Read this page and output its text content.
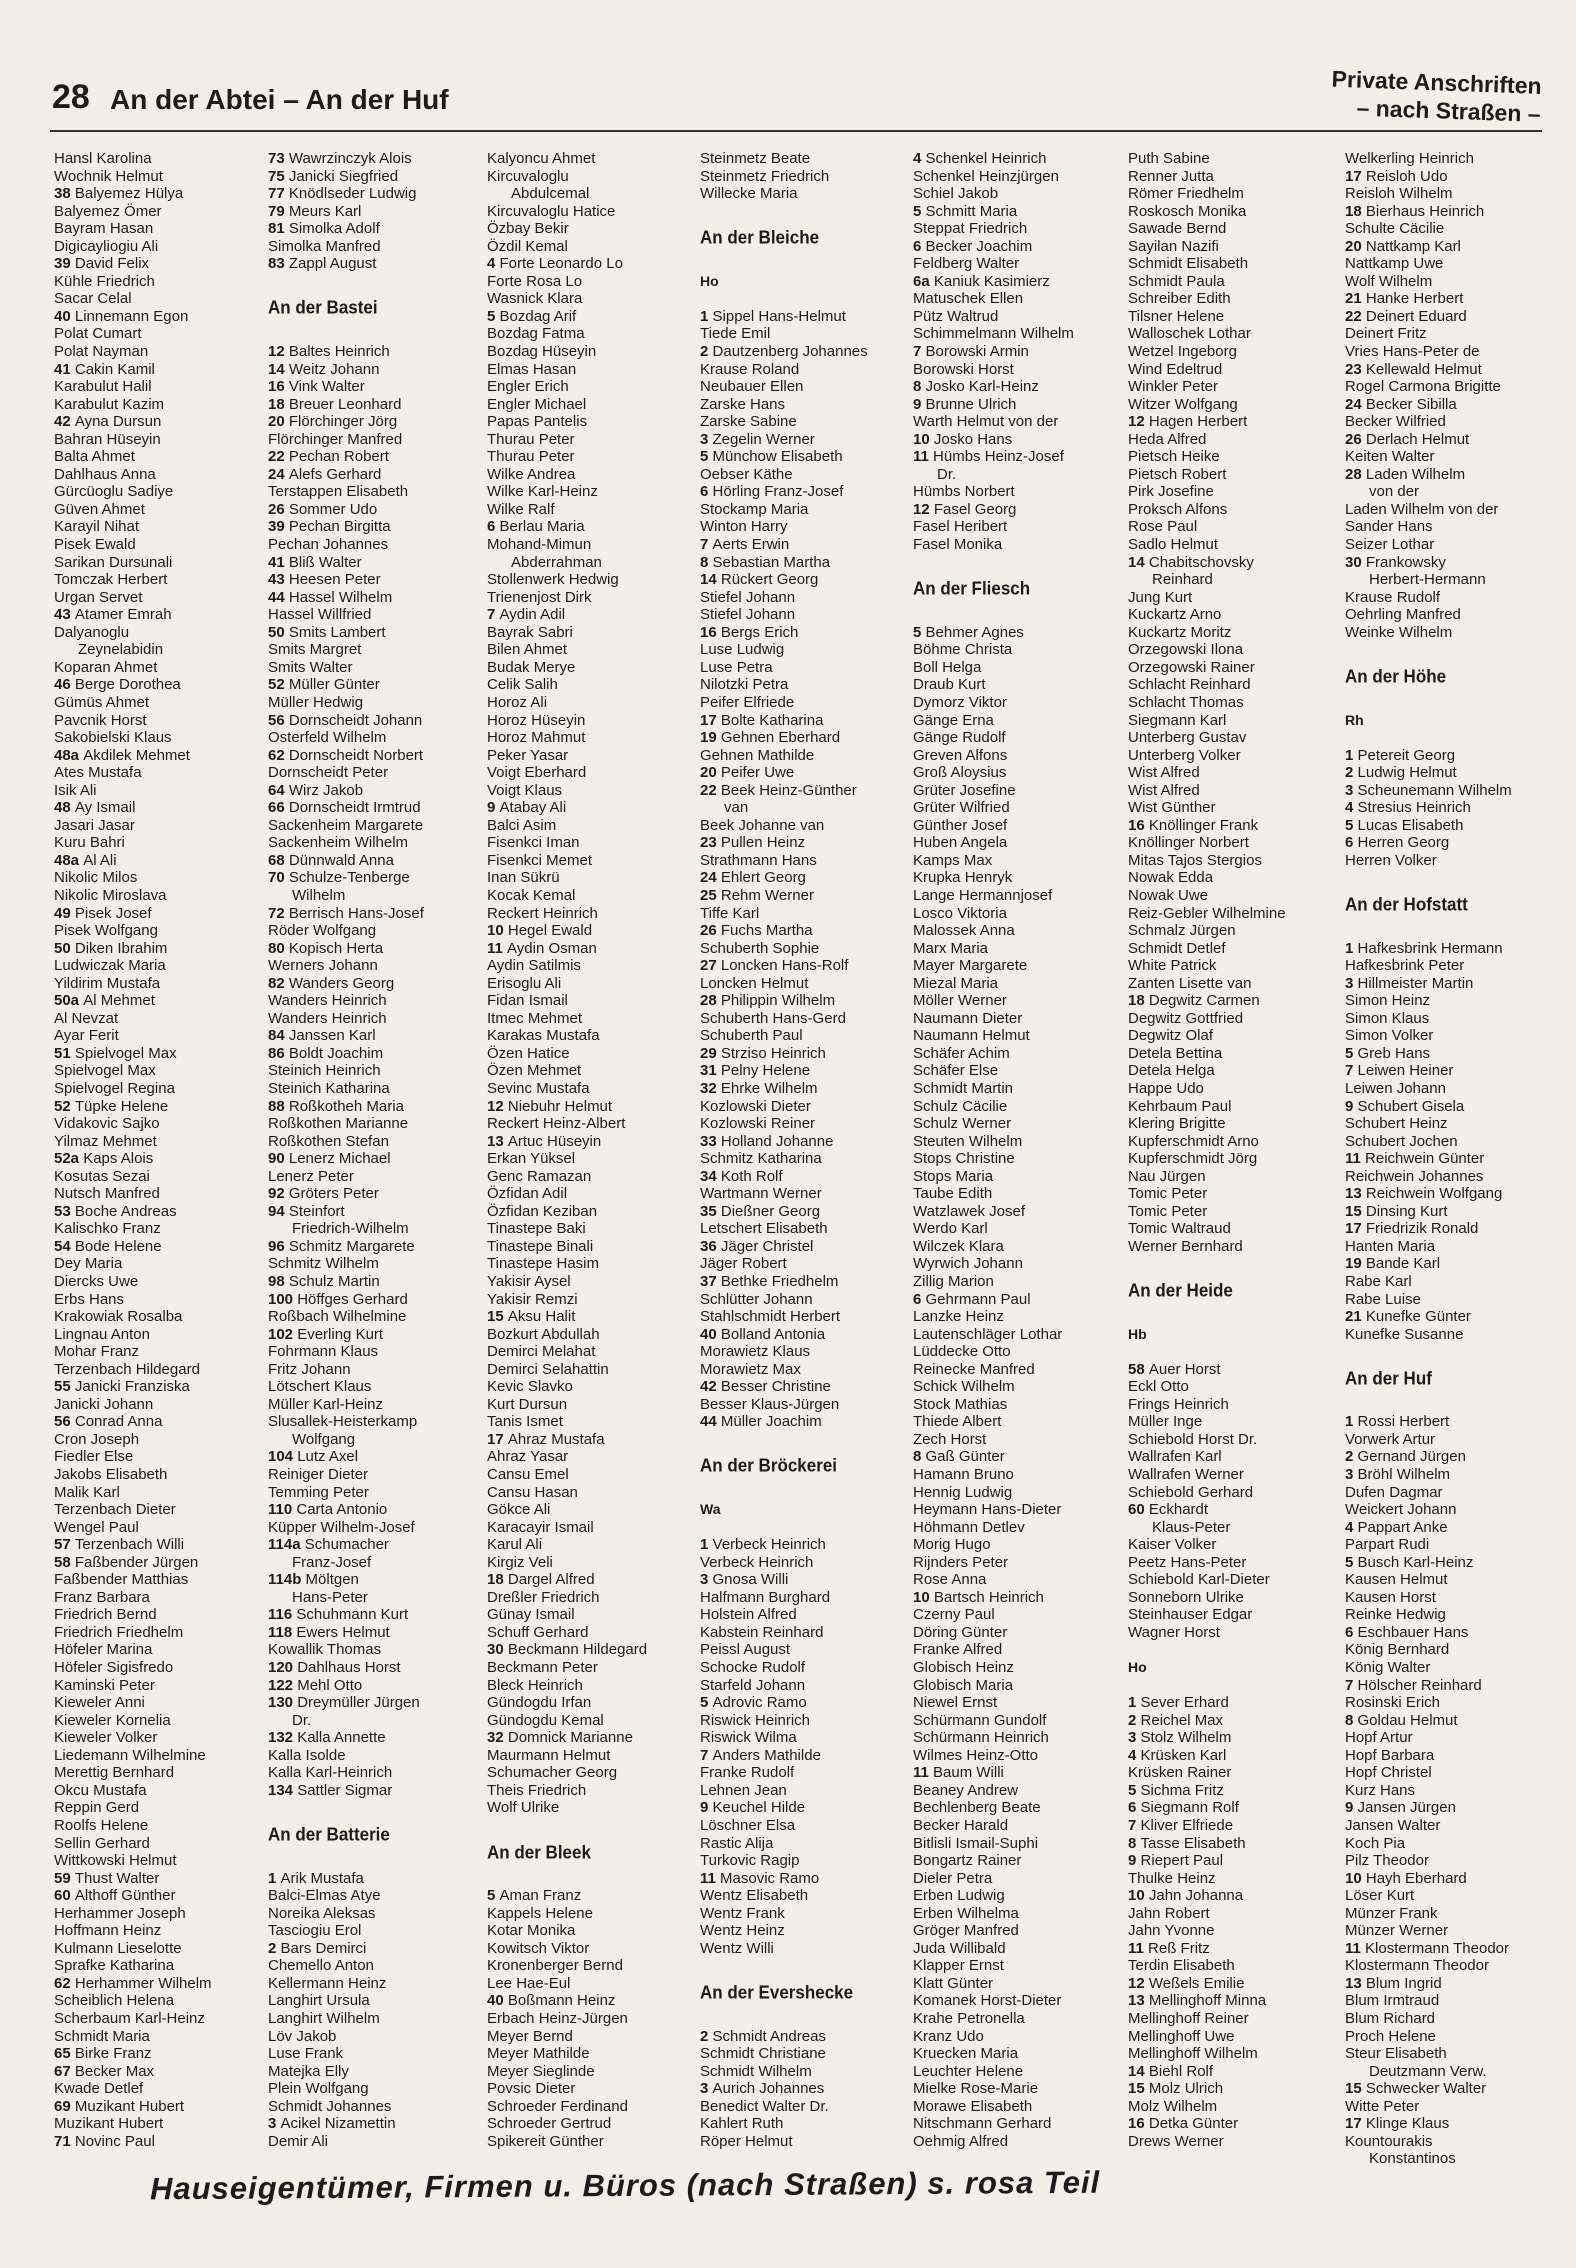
28 An der Abtei – An der Huf
Private Anschriften
– nach Straßen –
Hansl Karolina
Wochnik Helmut
38 Balyemez Hülya
Balyemez Ömer
Bayram Hasan
Digicayliogiu Ali
39 David Felix
Kühle Friedrich
Sacar Celal
40 Linnemann Egon
Polat Cumart
Polat Nayman
41 Cakin Kamil
Karabulut Halil
Karabulut Kazim
42 Ayna Dursun
Bahran Hüseyin
Balta Ahmet
Dahlhaus Anna
Gürcüoglu Sadiye
Güven Ahmet
Karayil Nihat
Pisek Ewald
Sarikan Dursunali
Tomczak Herbert
Urgan Servet
43 Atamer Emrah
Dalyanoglu
Zeynelabidin
Koparan Ahmet
46 Berge Dorothea
Gümüs Ahmet
Pavcnik Horst
Sakobielski Klaus
48a Akdilek Mehmet
Ates Mustafa
Isik Ali
48 Ay Ismail
Jasari Jasar
Kuru Bahri
48a Al Ali
Nikolic Milos
Nikolic Miroslava
49 Pisek Josef
Pisek Wolfgang
50 Diken Ibrahim
Ludwiczak Maria
Yildirim Mustafa
50a Al Mehmet
Al Nevzat
Ayar Ferit
51 Spielvogel Max
Spielvogel Max
Spielvogel Regina
52 Tüpke Helene
Vidakovic Sajko
Yilmaz Mehmet
52a Kaps Alois
Kosutas Sezai
Nutsch Manfred
53 Boche Andreas
Kalischko Franz
54 Bode Helene
Dey Maria
Diercks Uwe
Erbs Hans
Krakowiak Rosalba
Lingnau Anton
Mohar Franz
Terzenbach Hildegard
55 Janicki Franziska
Janicki Johann
56 Conrad Anna
Cron Joseph
Fiedler Else
Jakobs Elisabeth
Malik Karl
Terzenbach Dieter
Wengel Paul
57 Terzenbach Willi
58 Faßbender Jürgen
Faßbender Matthias
Franz Barbara
Friedrich Bernd
Friedrich Friedhelm
Höfeler Marina
Höfeler Sigisfredo
Kaminski Peter
Kieweler Anni
Kieweler Kornelia
Kieweler Volker
Liedemann Wilhelmine
Merettig Bernhard
Okcu Mustafa
Reppin Gerd
Roolfs Helene
Sellin Gerhard
Wittkowski Helmut
59 Thust Walter
60 Althoff Günther
Herhammer Joseph
Hoffmann Heinz
Kulmann Lieselotte
Sprafke Katharina
62 Herhammer Wilhelm
Scheiblich Helena
Scherbaum Karl-Heinz
Schmidt Maria
65 Birke Franz
67 Becker Max
Kwade Detlef
69 Muzikant Hubert
Muzikant Hubert
71 Novinc Paul
73 Wawrzinczyk Alois
75 Janicki Siegfried
77 Knödlseder Ludwig
79 Meurs Karl
81 Simolka Adolf
Simolka Manfred
83 Zappl August
An der Bastei
12 Baltes Heinrich
14 Weitz Johann
16 Vink Walter
18 Breuer Leonhard
20 Flörchinger Jörg
Flörchinger Manfred
22 Pechan Robert
24 Alefs Gerhard
Terstappen Elisabeth
26 Sommer Udo
39 Pechan Birgitta
Pechan Johannes
41 Bliß Walter
43 Heesen Peter
44 Hassel Wilhelm
Hassel Willfried
50 Smits Lambert
Smits Margret
Smits Walter
52 Müller Günter
Müller Hedwig
56 Dornscheidt Johann
Osterfeld Wilhelm
62 Dornscheidt Norbert
Dornscheidt Peter
64 Wirz Jakob
66 Dornscheidt Irmtrud
Sackenheim Margarete
Sackenheim Wilhelm
68 Dünnwald Anna
70 Schulze-Tenberge
Wilhelm
72 Berrisch Hans-Josef
Röder Wolfgang
80 Kopisch Herta
Werners Johann
82 Wanders Georg
Wanders Heinrich
Wanders Heinrich
84 Janssen Karl
86 Boldt Joachim
Steinich Heinrich
Steinich Katharina
88 Roßkotheh Maria
Roßkothen Marianne
Roßkothen Stefan
90 Lenerz Michael
Lenerz Peter
92 Gröters Peter
94 Steinfort
Friedrich-Wilhelm
96 Schmitz Margarete
Schmitz Wilhelm
98 Schulz Martin
100 Höffges Gerhard
Roßbach Wilhelmine
102 Everling Kurt
Fohrmann Klaus
Fritz Johann
Lötschert Klaus
Müller Karl-Heinz
Slusallek-Heisterkamp
Wolfgang
104 Lutz Axel
Reiniger Dieter
Temming Peter
110 Carta Antonio
Küpper Wilhelm-Josef
114a Schumacher
Franz-Josef
114b Möltgen
Hans-Peter
116 Schuhmann Kurt
118 Ewers Helmut
Kowallik Thomas
120 Dahlhaus Horst
122 Mehl Otto
130 Dreymüller Jürgen
Dr.
132 Kalla Annette
Kalla Isolde
Kalla Karl-Heinrich
134 Sattler Sigmar
An der Batterie
1 Arik Mustafa
Balci-Elmas Atye
Noreika Aleksas
Tasciogiu Erol
2 Bars Demirci
Chemello Anton
Kellermann Heinz
Langhirt Ursula
Langhirt Wilhelm
Löv Jakob
Luse Frank
Matejka Elly
Plein Wolfgang
Schmidt Johannes
3 Acikel Nizamettin
Demir Ali
Kalyoncu Ahmet
Kircuvaloglu
Abdulcemal
Kircuvaloglu Hatice
Özbay Bekir
Özdil Kemal
4 Forte Leonardo Lo
Forte Rosa Lo
Wasnick Klara
5 Bozdag Arif
Bozdag Fatma
Bozdag Hüseyin
Elmas Hasan
Engler Erich
Engler Michael
Papas Pantelis
Thurau Peter
Thurau Peter
Wilke Andrea
Wilke Karl-Heinz
Wilke Ralf
6 Berlau Maria
Mohand-Mimun
Abderrahman
Stollenwerk Hedwig
Trienenjost Dirk
7 Aydin Adil
Bayrak Sabri
Bilen Ahmet
Budak Merye
Celik Salih
Horoz Ali
Horoz Hüseyin
Horoz Mahmut
Peker Yasar
Voigt Eberhard
Voigt Klaus
9 Atabay Ali
Balci Asim
Fisenkci Iman
Fisenkci Memet
Inan Sükrü
Kocak Kemal
Reckert Heinrich
10 Hegel Ewald
11 Aydin Osman
Aydin Satilmis
Erisoglu Ali
Fidan Ismail
Itmec Mehmet
Karakas Mustafa
Özen Hatice
Özen Mehmet
Sevinc Mustafa
12 Niebuhr Helmut
Reckert Heinz-Albert
13 Artuc Hüseyin
Erkan Yüksel
Genc Ramazan
Özfidan Adil
Özfidan Keziban
Tinastepe Baki
Tinastepe Binali
Tinastepe Hasim
Yakisir Aysel
Yakisir Remzi
15 Aksu Halit
Bozkurt Abdullah
Demirci Melahat
Demirci Selahattin
Kevic Slavko
Kurt Dursun
Tanis Ismet
17 Ahraz Mustafa
Ahraz Yasar
Cansu Emel
Cansu Hasan
Gökce Ali
Karacayir Ismail
Karul Ali
Kirgiz Veli
18 Dargel Alfred
Dreßler Friedrich
Günay Ismail
Schuff Gerhard
30 Beckmann Hildegard
Beckmann Peter
Bleck Heinrich
Gündogdu Irfan
Gündogdu Kemal
32 Domnick Marianne
Maurmann Helmut
Schumacher Georg
Theis Friedrich
Wolf Ulrike
An der Bleek
5 Aman Franz
Kappels Helene
Kotar Monika
Kowitsch Viktor
Kronenberger Bernd
Lee Hae-Eul
40 Boßmann Heinz
Erbach Heinz-Jürgen
Meyer Bernd
Meyer Mathilde
Meyer Sieglinde
Povsic Dieter
Schroeder Ferdinand
Schroeder Gertrud
Spikereit Günther
Steinmetz Beate
Steinmetz Friedrich
Willecke Maria
An der Bleiche
Ho
1 Sippel Hans-Helmut
Tiede Emil
2 Dautzenberg Johannes
Krause Roland
Neubauer Ellen
Zarske Hans
Zarske Sabine
3 Zegelin Werner
5 Münchow Elisabeth
Oebser Käthe
6 Hörling Franz-Josef
Stockamp Maria
Winton Harry
7 Aerts Erwin
8 Sebastian Martha
14 Rückert Georg
Stiefel Johann
Stiefel Johann
16 Bergs Erich
Luse Ludwig
Luse Petra
Nilotzki Petra
Peifer Elfriede
17 Bolte Katharina
19 Gehnen Eberhard
Gehnen Mathilde
20 Peifer Uwe
22 Beek Heinz-Günther
van
Beek Johanne van
23 Pullen Heinz
Strathmann Hans
24 Ehlert Georg
25 Rehm Werner
Tiffe Karl
26 Fuchs Martha
Schuberth Sophie
27 Loncken Hans-Rolf
Loncken Helmut
28 Philippin Wilhelm
Schuberth Hans-Gerd
Schuberth Paul
29 Strziso Heinrich
31 Pelny Helene
32 Ehrke Wilhelm
Kozlowski Dieter
Kozlowski Reiner
33 Holland Johanne
Schmitz Katharina
34 Koth Rolf
Wartmann Werner
35 Dießner Georg
Letschert Elisabeth
36 Jäger Christel
Jäger Robert
37 Bethke Friedhelm
Schlütter Johann
Stahlschmidt Herbert
40 Bolland Antonia
Morawietz Klaus
Morawietz Max
42 Besser Christine
Besser Klaus-Jürgen
44 Müller Joachim
An der Bröckerei
Wa
1 Verbeck Heinrich
Verbeck Heinrich
3 Gnosa Willi
Halfmann Burghard
Holstein Alfred
Kabstein Reinhard
Peissl August
Schocke Rudolf
Starfeld Johann
5 Adrovic Ramo
Riswick Heinrich
Riswick Wilma
7 Anders Mathilde
Franke Rudolf
Lehnen Jean
9 Keuchel Hilde
Löschner Elsa
Rastic Alija
Turkovic Ragip
11 Masovic Ramo
Wentz Elisabeth
Wentz Frank
Wentz Heinz
Wentz Willi
An der Evershecke
2 Schmidt Andreas
Schmidt Christiane
Schmidt Wilhelm
3 Aurich Johannes
Benedict Walter Dr.
Kahlert Ruth
Röper Helmut
4 Schenkel Heinrich
Schenkel Heinzjürgen
Schiel Jakob
5 Schmitt Maria
Steppat Friedrich
6 Becker Joachim
Feldberg Walter
6a Kaniuk Kasimierz
Matuschek Ellen
Pütz Waltrud
Schimmelmann Wilhelm
7 Borowski Armin
Borowski Horst
8 Josko Karl-Heinz
9 Brunne Ulrich
Warth Helmut von der
10 Josko Hans
11 Hümbs Heinz-Josef
Dr.
Hümbs Norbert
12 Fasel Georg
Fasel Heribert
Fasel Monika
An der Fliesch
5 Behmer Agnes
Böhme Christa
Boll Helga
Draub Kurt
Dymorz Viktor
Gänge Erna
Gänge Rudolf
Greven Alfons
Groß Aloysius
Grüter Josefine
Grüter Wilfried
Günther Josef
Huben Angela
Kamps Max
Krupka Henryk
Lange Hermannjosef
Losco Viktoria
Malossek Anna
Marx Maria
Mayer Margarete
Miezal Maria
Möller Werner
Naumann Dieter
Naumann Helmut
Schäfer Achim
Schäfer Else
Schmidt Martin
Schulz Cäcilie
Schulz Werner
Steuten Wilhelm
Stops Christine
Stops Maria
Taube Edith
Watzlawek Josef
Werdo Karl
Wilczek Klara
Wyrwich Johann
Zillig Marion
6 Gehrmann Paul
Lanzke Heinz
Lautenschläger Lothar
Lüddecke Otto
Reinecke Manfred
Schick Wilhelm
Stock Mathias
Thiede Albert
Zech Horst
8 Gaß Günter
Hamann Bruno
Hennig Ludwig
Heymann Hans-Dieter
Höhmann Detlev
Morig Hugo
Rijnders Peter
Rose Anna
10 Bartsch Heinrich
Czerny Paul
Döring Günter
Franke Alfred
Globisch Heinz
Globisch Maria
Niewel Ernst
Schürmann Gundolf
Schürmann Heinrich
Wilmes Heinz-Otto
11 Baum Willi
Beaney Andrew
Bechlenberg Beate
Becker Harald
Bitlisli Ismail-Suphi
Bongartz Rainer
Dieler Petra
Erben Ludwig
Erben Wilhelma
Gröger Manfred
Juda Willibald
Klapper Ernst
Klatt Günter
Komanek Horst-Dieter
Krahe Petronella
Kranz Udo
Kruecken Maria
Leuchter Helene
Mielke Rose-Marie
Morawe Elisabeth
Nitschmann Gerhard
Oehmig Alfred
Puth Sabine
Renner Jutta
Römer Friedhelm
Roskosch Monika
Sawade Bernd
Sayilan Nazifi
Schmidt Elisabeth
Schmidt Paula
Schreiber Edith
Tilsner Helene
Walloschek Lothar
Wetzel Ingeborg
Wind Edeltrud
Winkler Peter
Witzer Wolfgang
12 Hagen Herbert
Heda Alfred
Pietsch Heike
Pietsch Robert
Pirk Josefine
Proksch Alfons
Rose Paul
Sadlo Helmut
14 Chabitschovsky
Reinhard
Jung Kurt
Kuckartz Arno
Kuckartz Moritz
Orzegowski Ilona
Orzegowski Rainer
Schlacht Reinhard
Schlacht Thomas
Siegmann Karl
Unterberg Gustav
Unterberg Volker
Wist Alfred
Wist Alfred
Wist Günther
16 Knöllinger Frank
Knöllinger Norbert
Mitas Tajos Stergios
Nowak Edda
Nowak Uwe
Reiz-Gebler Wilhelmine
Schmalz Jürgen
Schmidt Detlef
White Patrick
Zanten Lisette van
18 Degwitz Carmen
Degwitz Gottfried
Degwitz Olaf
Detela Bettina
Detela Helga
Happe Udo
Kehrbaum Paul
Klering Brigitte
Kupferschmidt Arno
Kupferschmidt Jörg
Nau Jürgen
Tomic Peter
Tomic Peter
Tomic Waltraud
Werner Bernhard
An der Heide
Hb
58 Auer Horst
Eckl Otto
Frings Heinrich
Müller Inge
Schiebold Horst Dr.
Wallrafen Karl
Wallrafen Werner
Schiebold Gerhard
60 Eckhardt
Klaus-Peter
Kaiser Volker
Peetz Hans-Peter
Schiebold Karl-Dieter
Sonneborn Ulrike
Steinhauser Edgar
Wagner Horst
Ho
1 Sever Erhard
2 Reichel Max
3 Stolz Wilhelm
4 Krüsken Karl
Krüsken Rainer
5 Sichma Fritz
6 Siegmann Rolf
7 Kliver Elfriede
8 Tasse Elisabeth
9 Riepert Paul
Thulke Heinz
10 Jahn Johanna
Jahn Robert
Jahn Yvonne
11 Reß Fritz
Terdin Elisabeth
12 Weßels Emilie
13 Mellinghoff Minna
Mellinghoff Reiner
Mellinghoff Uwe
Mellinghoff Wilhelm
14 Biehl Rolf
15 Molz Ulrich
Molz Wilhelm
16 Detka Günter
Drews Werner
Welkerling Heinrich
17 Reisloh Udo
Reisloh Wilhelm
18 Bierhaus Heinrich
Schulte Cäcilie
20 Nattkamp Karl
Nattkamp Uwe
Wolf Wilhelm
21 Hanke Herbert
22 Deinert Eduard
Deinert Fritz
Vries Hans-Peter de
23 Kellewald Helmut
Rogel Carmona Brigitte
24 Becker Sibilla
Becker Wilfried
26 Derlach Helmut
Keiten Walter
28 Laden Wilhelm
von der
Laden Wilhelm von der
Sander Hans
Seizer Lothar
30 Frankowsky
Herbert-Hermann
Krause Rudolf
Oehrling Manfred
Weinke Wilhelm
An der Höhe
Rh
1 Petereit Georg
2 Ludwig Helmut
3 Scheunemann Wilhelm
4 Stresius Heinrich
5 Lucas Elisabeth
6 Herren Georg
Herren Volker
An der Hofstatt
1 Hafkesbrink Hermann
Hafkesbrink Peter
3 Hillmeister Martin
Simon Heinz
Simon Klaus
Simon Volker
5 Greb Hans
7 Leiwen Heiner
Leiwen Johann
9 Schubert Gisela
Schubert Heinz
Schubert Jochen
11 Reichwein Günter
Reichwein Johannes
13 Reichwein Wolfgang
15 Dinsing Kurt
17 Friedrizik Ronald
Hanten Maria
19 Bande Karl
Rabe Karl
Rabe Luise
21 Kunefke Günter
Kunefke Susanne
An der Huf
1 Rossi Herbert
Vorwerk Artur
2 Gernand Jürgen
3 Bröhl Wilhelm
Dufen Dagmar
Weickert Johann
4 Pappart Anke
Parpart Rudi
5 Busch Karl-Heinz
Kausen Helmut
Kausen Horst
Reinke Hedwig
6 Eschbauer Hans
König Bernhard
König Walter
7 Hölscher Reinhard
Rosinski Erich
8 Goldau Helmut
Hopf Artur
Hopf Barbara
Hopf Christel
Kurz Hans
9 Jansen Jürgen
Jansen Walter
Koch Pia
Pilz Theodor
10 Hayh Eberhard
Löser Kurt
Münzer Frank
Münzer Werner
11 Klostermann Theodor
Klostermann Theodor
13 Blum Ingrid
Blum Irmtraud
Blum Richard
Proch Helene
Steur Elisabeth
Deutzmann Verw.
15 Schwecker Walter
Witte Peter
17 Klinge Klaus
Kountourakis
Konstantinos
Hauseigentümer, Firmen u. Büros (nach Straßen) s. rosa Teil
